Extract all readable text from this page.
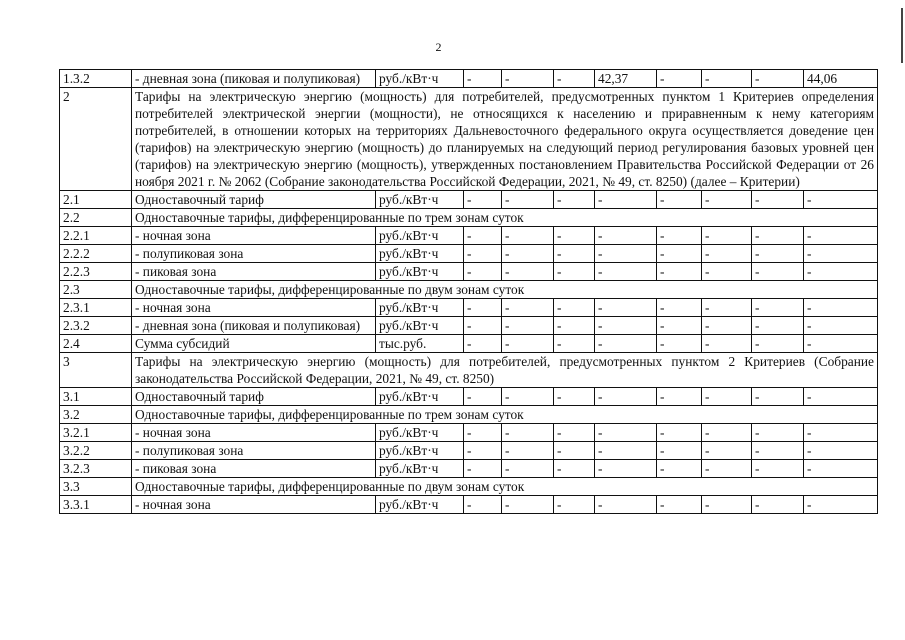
2
1.3.2	- дневная зона (пиковая и полупиковая)	руб./кВт·ч	-	-	-	42,37	-	-	-	44,06
2	Тарифы на электрическую энергию (мощность) для потребителей, предусмотренных пунктом 1 Критериев определения потребителей электрической энергии (мощности), не относящихся к населению и приравненным к нему категориям потребителей, в отношении которых на территориях Дальневосточного федерального округа осуществляется доведение цен (тарифов) на электрическую энергию (мощность) до планируемых на следующий период регулирования базовых уровней цен (тарифов) на электрическую энергию (мощность), утвержденных постановлением Правительства Российской Федерации от 26 ноября 2021 г. № 2062 (Собрание законодательства Российской Федерации, 2021, № 49, ст. 8250) (далее – Критерии)									
2.1	Одноставочный тариф	руб./кВт·ч	-	-	-	-	-	-	-	-
2.2	Одноставочные тарифы, дифференцированные по трем зонам суток									
2.2.1	- ночная зона	руб./кВт·ч	-	-	-	-	-	-	-	-
2.2.2	- полупиковая зона	руб./кВт·ч	-	-	-	-	-	-	-	-
2.2.3	- пиковая зона	руб./кВт·ч	-	-	-	-	-	-	-	-
2.3	Одноставочные тарифы, дифференцированные по двум зонам суток									
2.3.1	- ночная зона	руб./кВт·ч	-	-	-	-	-	-	-	-
2.3.2	- дневная зона (пиковая и полупиковая)	руб./кВт·ч	-	-	-	-	-	-	-	-
2.4	Сумма субсидий	тыс.руб.	-	-	-	-	-	-	-	-
3	Тарифы на электрическую энергию (мощность) для потребителей, предусмотренных пунктом 2 Критериев (Собрание законодательства Российской Федерации, 2021, № 49, ст. 8250)									
3.1	Одноставочный тариф	руб./кВт·ч	-	-	-	-	-	-	-	-
3.2	Одноставочные тарифы, дифференцированные по трем зонам суток									
3.2.1	- ночная зона	руб./кВт·ч	-	-	-	-	-	-	-	-
3.2.2	- полупиковая зона	руб./кВт·ч	-	-	-	-	-	-	-	-
3.2.3	- пиковая зона	руб./кВт·ч	-	-	-	-	-	-	-	-
3.3	Одноставочные тарифы, дифференцированные по двум зонам суток									
3.3.1	- ночная зона	руб./кВт·ч	-	-	-	-	-	-	-	-
